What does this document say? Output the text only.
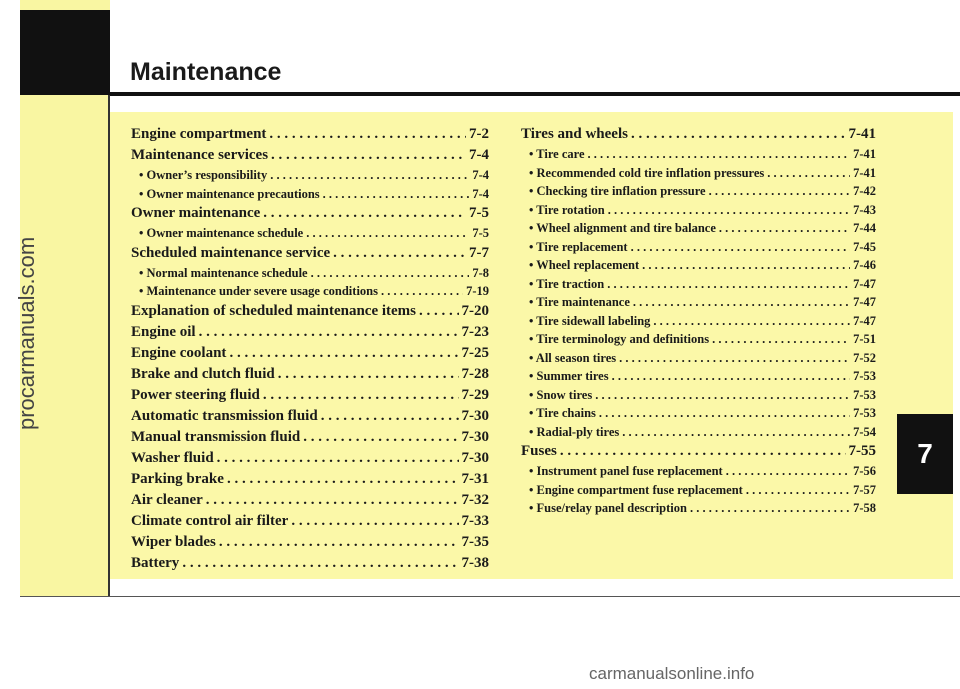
procarmanuals.com
Maintenance
Engine compartment . . .	7-2
Maintenance services . . .	7-4
• Owner’s responsibility . . .	7-4
• Owner maintenance precautions . . .	7-4
Owner maintenance . . .	7-5
• Owner maintenance schedule . . .	7-5
Scheduled maintenance service . . .	7-7
• Normal maintenance schedule . . .	7-8
• Maintenance under severe usage conditions . . .	7-19
Explanation of scheduled maintenance items . . .	7-20
Engine oil . . .	7-23
Engine coolant . . .	7-25
Brake and clutch fluid . . .	7-28
Power steering fluid . . .	7-29
Automatic transmission fluid . . .	7-30
Manual transmission fluid . . .	7-30
Washer fluid . . .	7-30
Parking brake . . .	7-31
Air cleaner . . .	7-32
Climate control air filter . . .	7-33
Wiper blades . . .	7-35
Battery . . .	7-38
Tires and wheels . . .	7-41
• Tire care . . .	7-41
• Recommended cold tire inflation pressures . . .	7-41
• Checking tire inflation pressure . . .	7-42
• Tire rotation . . .	7-43
• Wheel alignment and tire balance . . .	7-44
• Tire replacement . . .	7-45
• Wheel replacement . . .	7-46
• Tire traction . . .	7-47
• Tire maintenance . . .	7-47
• Tire sidewall labeling . . .	7-47
• Tire terminology and definitions . . .	7-51
• All season tires . . .	7-52
• Summer tires . . .	7-53
• Snow tires . . .	7-53
• Tire chains . . .	7-53
• Radial-ply tires . . .	7-54
Fuses . . .	7-55
• Instrument panel fuse replacement . . .	7-56
• Engine compartment fuse replacement . . .	7-57
• Fuse/relay panel description . . .	7-58
7
carmanualsonline.info
